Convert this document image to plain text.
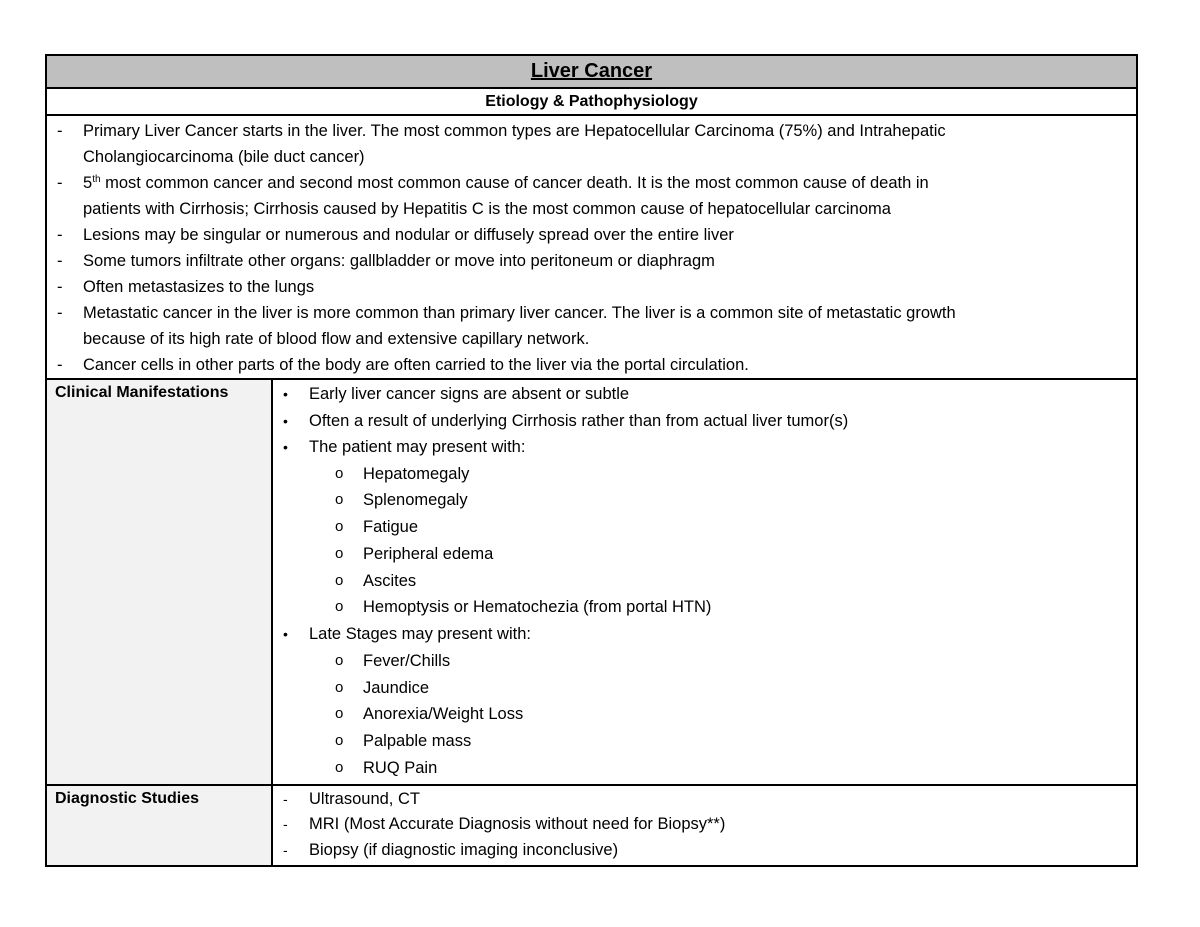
Liver Cancer
Etiology & Pathophysiology
-	Primary Liver Cancer starts in the liver. The most common types are Hepatocellular Carcinoma (75%) and Intrahepatic
Cholangiocarcinoma (bile duct cancer)
-	5th most common cancer and second most common cause of cancer death. It is the most common cause of death in
patients with Cirrhosis; Cirrhosis caused by Hepatitis C is the most common cause of hepatocellular carcinoma
-	Lesions may be singular or numerous and nodular or diffusely spread over the entire liver
-	Some tumors infiltrate other organs: gallbladder or move into peritoneum or diaphragm
-	Often metastasizes to the lungs
-	Metastatic cancer in the liver is more common than primary liver cancer. The liver is a common site of metastatic growth
because of its high rate of blood flow and extensive capillary network.
-	Cancer cells in other parts of the body are often carried to the liver via the portal circulation.
Clinical Manifestations	•	Early liver cancer signs are absent or subtle
•	Often a result of underlying Cirrhosis rather than from actual liver tumor(s)
•	The patient may present with:
o	Hepatomegaly
o	Splenomegaly
o	Fatigue
o	Peripheral edema
o	Ascites
o	Hemoptysis or Hematochezia (from portal HTN)
•	Late Stages may present with:
o	Fever/Chills
o	Jaundice
o	Anorexia/Weight Loss
o	Palpable mass
o	RUQ Pain
Diagnostic Studies	-	Ultrasound, CT
-	MRI (Most Accurate Diagnosis without need for Biopsy**)
-	Biopsy (if diagnostic imaging inconclusive)
